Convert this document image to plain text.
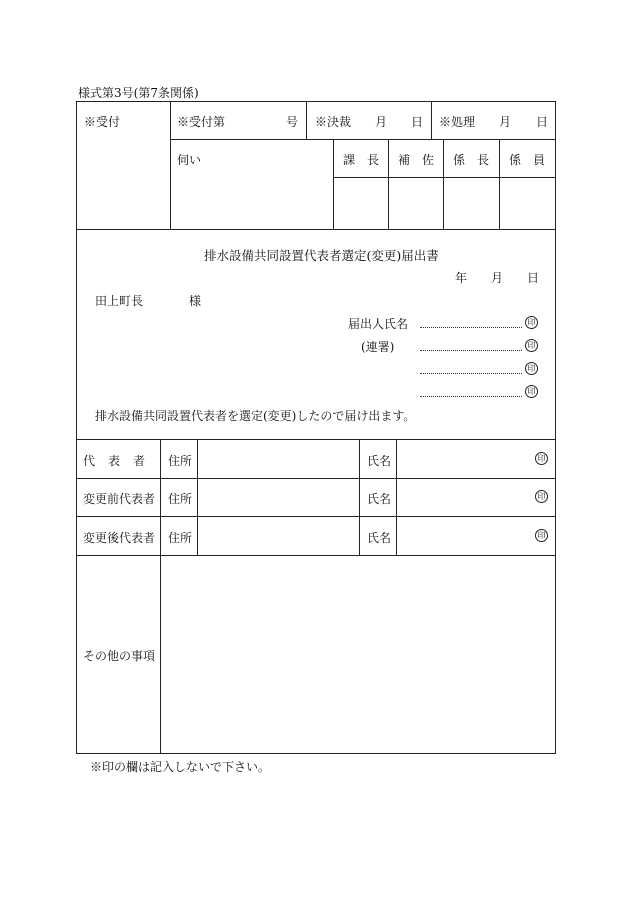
様式第3号(第7条関係)
※受付	※受付第	号 ※決裁 月 日 ※処理 月 日
伺い	課長 補佐 係長 係員
排水設備共同設置代表者選定(変更)届出書
年 月 日
田上町長	様
届出人氏名
(連署)
印
印
印
印
排水設備共同設置代表者を選定(変更)したので届け出ます。
代表者 住所	氏名	印
変更前代表者 住所	氏名	印
変更後代表者 住所	氏名	印
その他の事項
※印の欄は記入しないで下さい。
